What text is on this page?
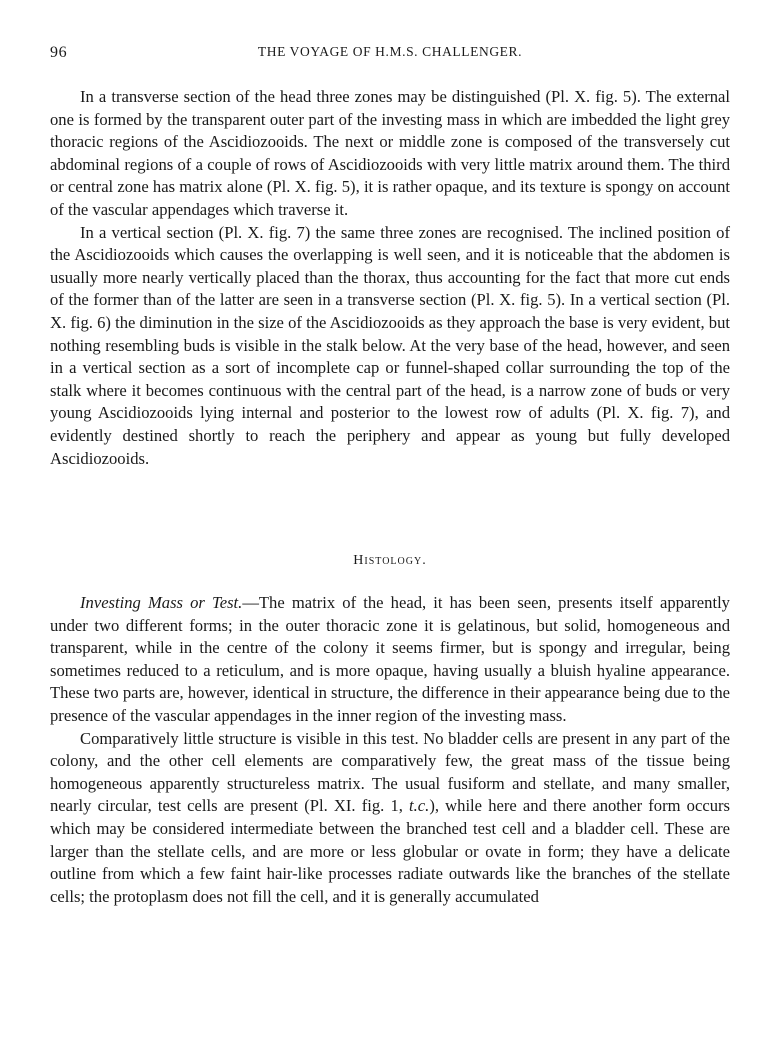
96	THE VOYAGE OF H.M.S. CHALLENGER.

In a transverse section of the head three zones may be distinguished (Pl. X. fig. 5). The external one is formed by the transparent outer part of the investing mass in which are imbedded the light grey thoracic regions of the Ascidiozooids. The next or middle zone is composed of the transversely cut abdominal regions of a couple of rows of Ascidiozooids with very little matrix around them. The third or central zone has matrix alone (Pl. X. fig. 5), it is rather opaque, and its texture is spongy on account of the vascular appendages which traverse it.

In a vertical section (Pl. X. fig. 7) the same three zones are recognised. The inclined position of the Ascidiozooids which causes the overlapping is well seen, and it is noticeable that the abdomen is usually more nearly vertically placed than the thorax, thus accounting for the fact that more cut ends of the former than of the latter are seen in a transverse section (Pl. X. fig. 5). In a vertical section (Pl. X. fig. 6) the diminution in the size of the Ascidiozooids as they approach the base is very evident, but nothing resembling buds is visible in the stalk below. At the very base of the head, however, and seen in a vertical section as a sort of incomplete cap or funnel-shaped collar surrounding the top of the stalk where it becomes continuous with the central part of the head, is a narrow zone of buds or very young Ascidiozooids lying internal and posterior to the lowest row of adults (Pl. X. fig. 7), and evidently destined shortly to reach the periphery and appear as young but fully developed Ascidiozooids.

Histology.

Investing Mass or Test.—The matrix of the head, it has been seen, presents itself apparently under two different forms; in the outer thoracic zone it is gelatinous, but solid, homogeneous and transparent, while in the centre of the colony it seems firmer, but is spongy and irregular, being sometimes reduced to a reticulum, and is more opaque, having usually a bluish hyaline appearance. These two parts are, however, identical in structure, the difference in their appearance being due to the presence of the vascular appendages in the inner region of the investing mass.

Comparatively little structure is visible in this test. No bladder cells are present in any part of the colony, and the other cell elements are comparatively few, the great mass of the tissue being homogeneous apparently structureless matrix. The usual fusiform and stellate, and many smaller, nearly circular, test cells are present (Pl. XI. fig. 1, t.c.), while here and there another form occurs which may be considered intermediate between the branched test cell and a bladder cell. These are larger than the stellate cells, and are more or less globular or ovate in form; they have a delicate outline from which a few faint hair-like processes radiate outwards like the branches of the stellate cells; the protoplasm does not fill the cell, and it is generally accumulated
